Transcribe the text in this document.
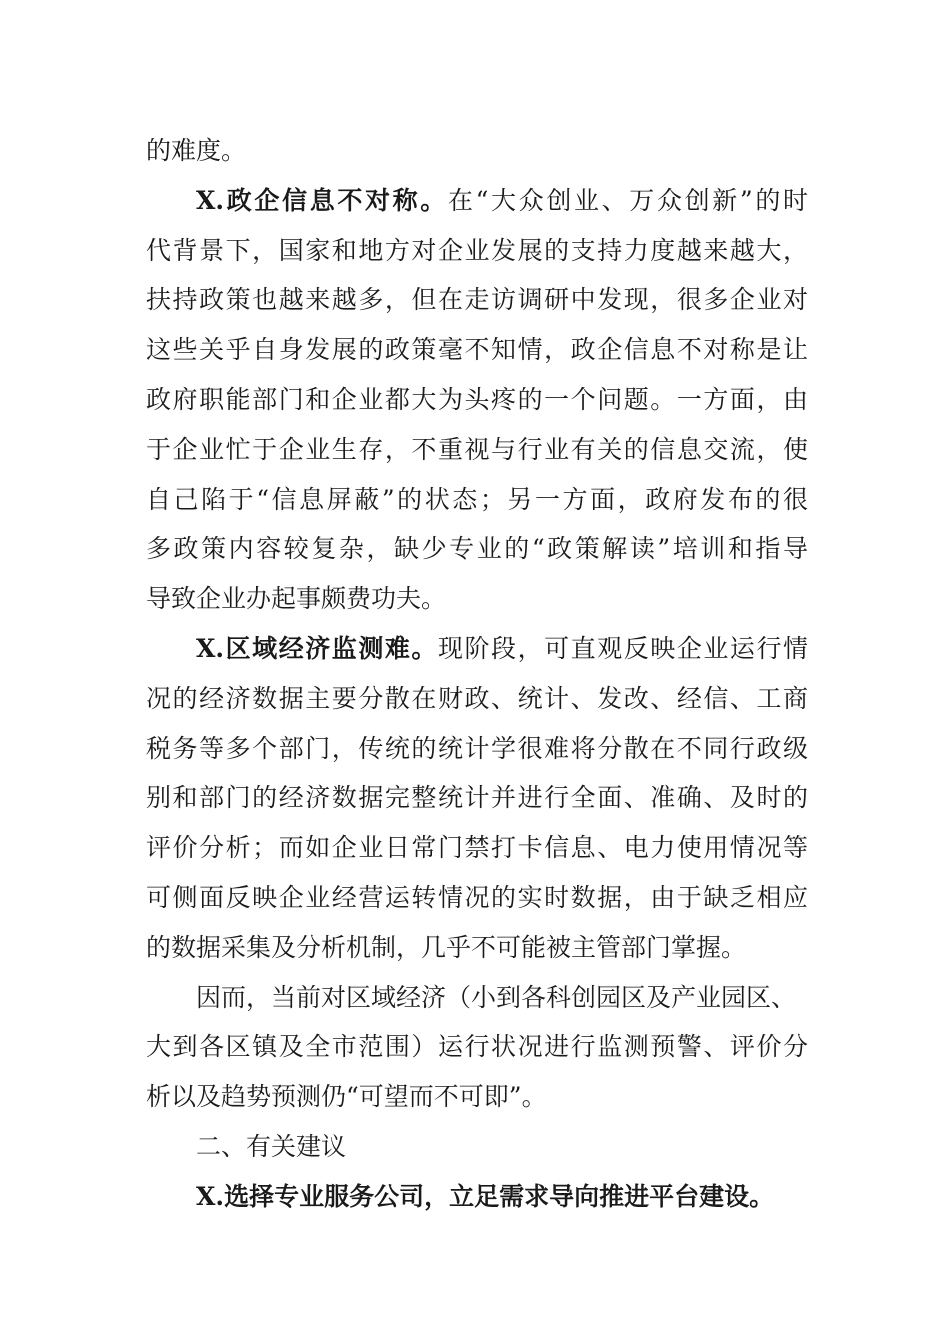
的难度。
X.政企信息不对称。在“大众创业、万众创新”的时
代背景下，国家和地方对企业发展的支持力度越来越大，
扶持政策也越来越多，但在走访调研中发现，很多企业对
这些关乎自身发展的政策毫不知情，政企信息不对称是让
政府职能部门和企业都大为头疼的一个问题。一方面，由
于企业忙于企业生存，不重视与行业有关的信息交流，使
自己陷于“信息屏蔽”的状态；另一方面，政府发布的很
多政策内容较复杂，缺少专业的“政策解读”培训和指导
导致企业办起事颇费功夫。
X.区域经济监测难。现阶段，可直观反映企业运行情
况的经济数据主要分散在财政、统计、发改、经信、工商
税务等多个部门，传统的统计学很难将分散在不同行政级
别和部门的经济数据完整统计并进行全面、准确、及时的
评价分析；而如企业日常门禁打卡信息、电力使用情况等
可侧面反映企业经营运转情况的实时数据，由于缺乏相应
的数据采集及分析机制，几乎不可能被主管部门掌握。
因而，当前对区域经济（小到各科创园区及产业园区、
大到各区镇及全市范围）运行状况进行监测预警、评价分
析以及趋势预测仍“可望而不可即”。
二、有关建议
X.选择专业服务公司，立足需求导向推进平台建设。
